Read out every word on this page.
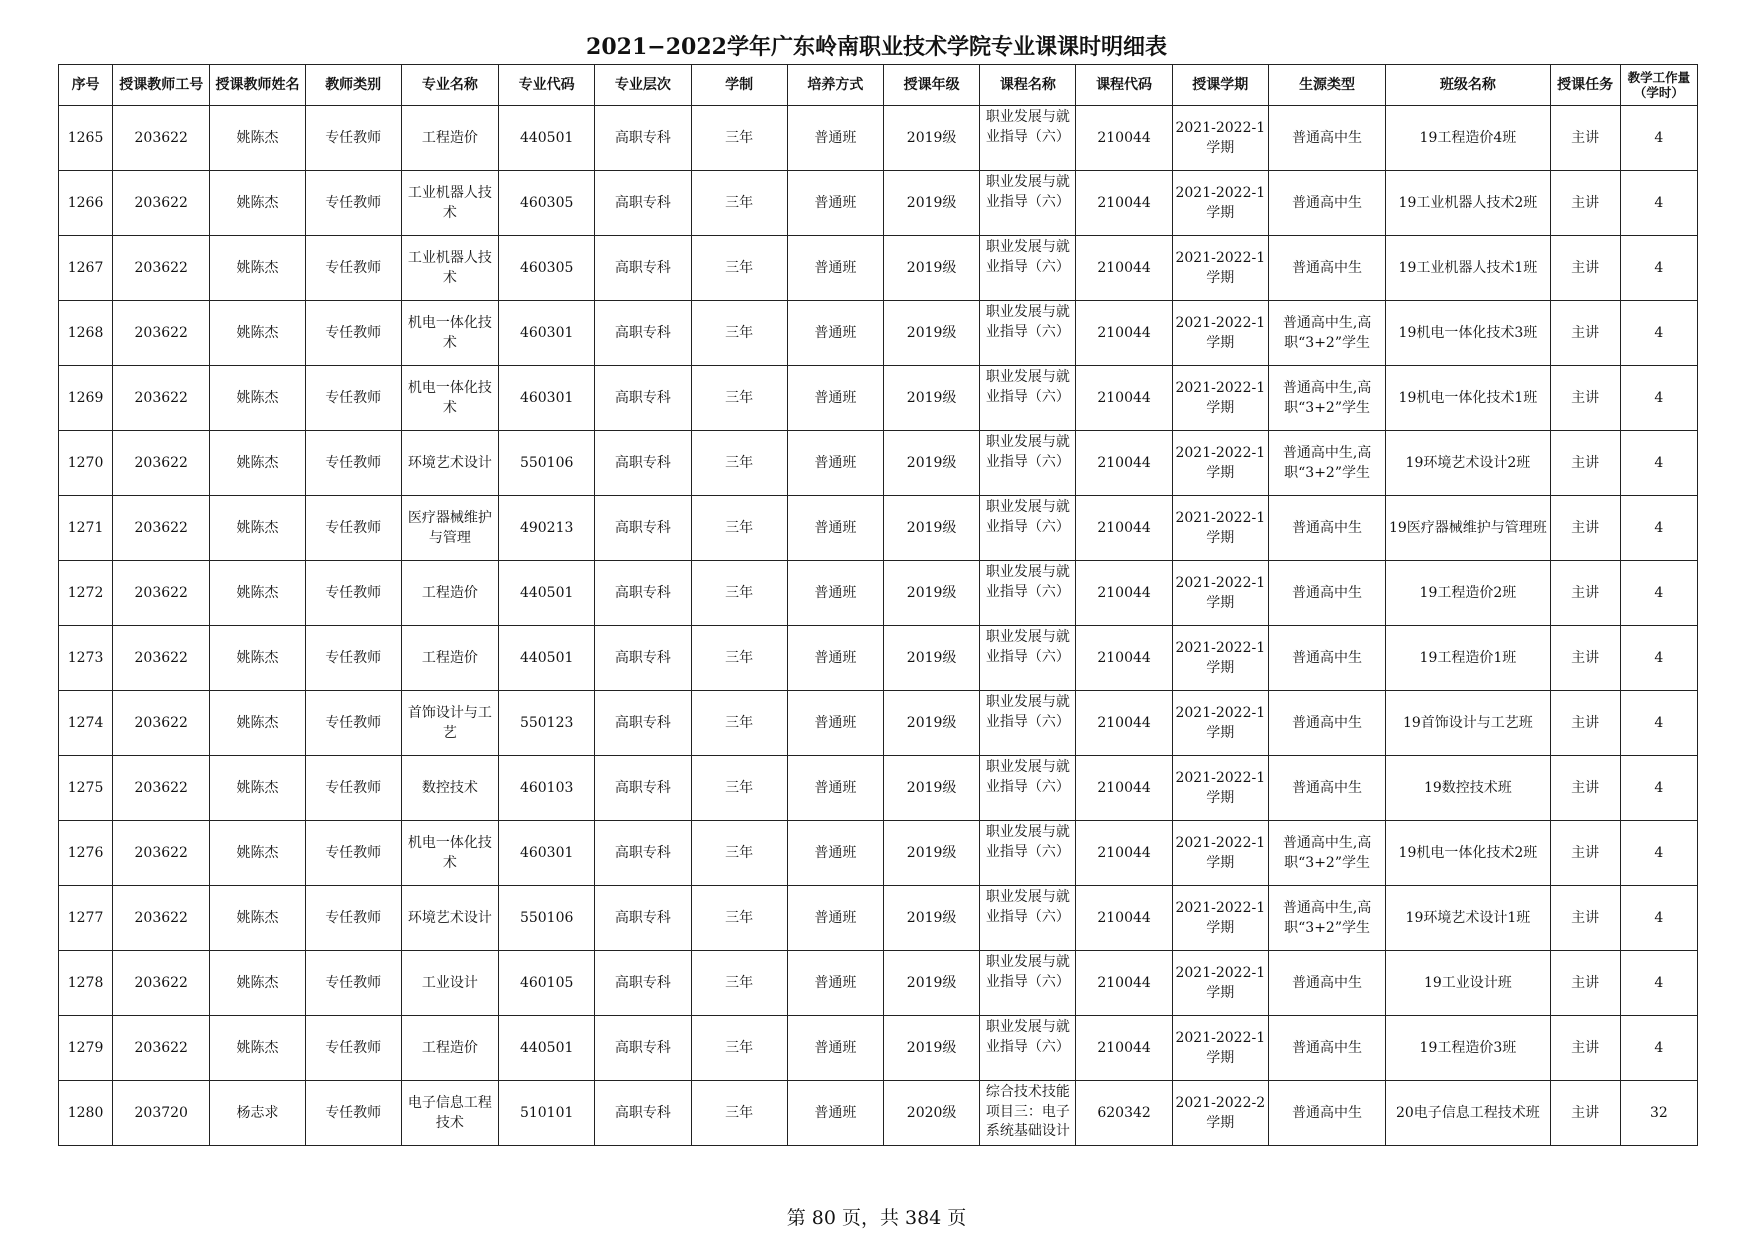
2021−2022学年广东岭南职业技术学院专业课课时明细表
序号	授课教师工号	授课教师姓名	教师类别	专业名称	专业代码	专业层次	学制	培养方式	授课年级	课程名称	课程代码	授课学期	生源类型	班级名称	授课任务	教学工作量（学时）
1265	203622	姚陈杰	专任教师	工程造价	440501	高职专科	三年	普通班	2019级	职业发展与就业指导（六）	210044	2021-2022-1学期	普通高中生	19工程造价4班	主讲	4
1266	203622	姚陈杰	专任教师	工业机器人技术	460305	高职专科	三年	普通班	2019级	职业发展与就业指导（六）	210044	2021-2022-1学期	普通高中生	19工业机器人技术2班	主讲	4
1267	203622	姚陈杰	专任教师	工业机器人技术	460305	高职专科	三年	普通班	2019级	职业发展与就业指导（六）	210044	2021-2022-1学期	普通高中生	19工业机器人技术1班	主讲	4
1268	203622	姚陈杰	专任教师	机电一体化技术	460301	高职专科	三年	普通班	2019级	职业发展与就业指导（六）	210044	2021-2022-1学期	普通高中生,高职“3+2”学生	19机电一体化技术3班	主讲	4
1269	203622	姚陈杰	专任教师	机电一体化技术	460301	高职专科	三年	普通班	2019级	职业发展与就业指导（六）	210044	2021-2022-1学期	普通高中生,高职“3+2”学生	19机电一体化技术1班	主讲	4
1270	203622	姚陈杰	专任教师	环境艺术设计	550106	高职专科	三年	普通班	2019级	职业发展与就业指导（六）	210044	2021-2022-1学期	普通高中生,高职“3+2”学生	19环境艺术设计2班	主讲	4
1271	203622	姚陈杰	专任教师	医疗器械维护与管理	490213	高职专科	三年	普通班	2019级	职业发展与就业指导（六）	210044	2021-2022-1学期	普通高中生	19医疗器械维护与管理班	主讲	4
1272	203622	姚陈杰	专任教师	工程造价	440501	高职专科	三年	普通班	2019级	职业发展与就业指导（六）	210044	2021-2022-1学期	普通高中生	19工程造价2班	主讲	4
1273	203622	姚陈杰	专任教师	工程造价	440501	高职专科	三年	普通班	2019级	职业发展与就业指导（六）	210044	2021-2022-1学期	普通高中生	19工程造价1班	主讲	4
1274	203622	姚陈杰	专任教师	首饰设计与工艺	550123	高职专科	三年	普通班	2019级	职业发展与就业指导（六）	210044	2021-2022-1学期	普通高中生	19首饰设计与工艺班	主讲	4
1275	203622	姚陈杰	专任教师	数控技术	460103	高职专科	三年	普通班	2019级	职业发展与就业指导（六）	210044	2021-2022-1学期	普通高中生	19数控技术班	主讲	4
1276	203622	姚陈杰	专任教师	机电一体化技术	460301	高职专科	三年	普通班	2019级	职业发展与就业指导（六）	210044	2021-2022-1学期	普通高中生,高职“3+2”学生	19机电一体化技术2班	主讲	4
1277	203622	姚陈杰	专任教师	环境艺术设计	550106	高职专科	三年	普通班	2019级	职业发展与就业指导（六）	210044	2021-2022-1学期	普通高中生,高职“3+2”学生	19环境艺术设计1班	主讲	4
1278	203622	姚陈杰	专任教师	工业设计	460105	高职专科	三年	普通班	2019级	职业发展与就业指导（六）	210044	2021-2022-1学期	普通高中生	19工业设计班	主讲	4
1279	203622	姚陈杰	专任教师	工程造价	440501	高职专科	三年	普通班	2019级	职业发展与就业指导（六）	210044	2021-2022-1学期	普通高中生	19工程造价3班	主讲	4
1280	203720	杨志求	专任教师	电子信息工程技术	510101	高职专科	三年	普通班	2020级	综合技术技能项目三：电子系统基础设计	620342	2021-2022-2学期	普通高中生	20电子信息工程技术班	主讲	32
第 80 页，共 384 页
